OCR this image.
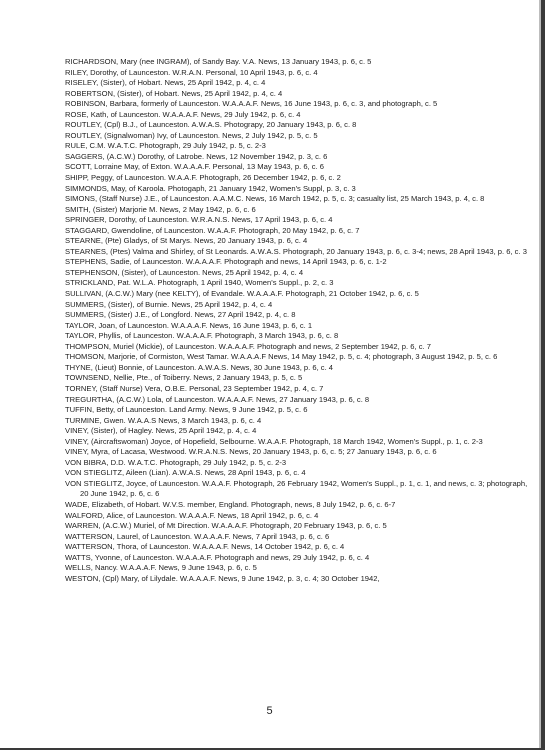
RICHARDSON, Mary (nee INGRAM), of Sandy Bay. V.A. News, 13 January 1943, p. 6, c. 5
RILEY, Dorothy, of Launceston. W.R.A.N. Personal, 10 April 1943, p. 6, c. 4
RISELEY, (Sister), of Hobart. News, 25 April 1942, p. 4, c. 4
ROBERTSON, (Sister), of Hobart. News, 25 April 1942, p. 4, c. 4
ROBINSON, Barbara, formerly of Launceston. W.A.A.A.F. News, 16 June 1943, p. 6, c. 3, and photograph, c. 5
ROSE, Kath, of Launceston. W.A.A.A.F. News, 29 July 1942, p. 6, c. 4
ROUTLEY, (Cpl) B.J., of Launceston. A.W.A.S. Photograpy, 20 January 1943, p. 6, c. 8
ROUTLEY, (Signalwoman) Ivy, of Launceston. News, 2 July 1942, p. 5, c. 5
RULE, C.M. W.A.T.C. Photograph, 29 July 1942, p. 5, c. 2-3
SAGGERS, (A.C.W.) Dorothy, of Latrobe. News, 12 November 1942, p. 3, c. 6
SCOTT, Lorraine May, of Exton. W.A.A.A.F. Personal, 13 May 1943, p. 6, c. 6
SHIPP, Peggy, of Launceston. W.A.A.F. Photograph, 26 December 1942, p. 6, c. 2
SIMMONDS, May, of Karoola. Photogaph, 21 January 1942, Women's Suppl, p. 3, c. 3
SIMONS, (Staff Nurse) J.E., of Launceston. A.A.M.C. News, 16 March 1942, p. 5, c. 3; casualty list, 25 March 1943, p. 4, c. 8
SMITH, (Sister) Marjorie M. News, 2 May 1942, p. 6, c. 6
SPRINGER, Dorothy, of Launceston. W.R.A.N.S. News, 17 April 1943, p. 6, c. 4
STAGGARD, Gwendoline, of Launceston. W.A.A.F. Photograph, 20 May 1942, p. 6, c. 7
STEARNE, (Pte) Gladys, of St Marys. News, 20 January 1943, p. 6, c. 4
STEARNES, (Ptes) Valma and Shirley, of St Leonards. A.W.A.S. Photograph, 20 January 1943, p. 6, c. 3-4; news, 28 April 1943, p. 6, c. 3
STEPHENS, Sadie, of Launceston. W.A.A.A.F. Photograph and news, 14 April 1943, p. 6, c. 1-2
STEPHENSON, (Sister), of Launceston. News, 25 April 1942, p. 4, c. 4
STRICKLAND, Pat. W.L.A. Photograph, 1 April 1940, Women's Suppl., p. 2, c. 3
SULLIVAN, (A.C.W.) Mary (nee KELTY), of Evandale. W.A.A.A.F. Photograph, 21 October 1942, p. 6, c. 5
SUMMERS, (Sister), of Burnie. News, 25 April 1942, p. 4, c. 4
SUMMERS, (Sister) J.E., of Longford. News, 27 April 1942, p. 4, c. 8
TAYLOR, Joan, of Launceston. W.A.A.A.F. News, 16 June 1943, p. 6, c. 1
TAYLOR, Phyllis, of Launceston. W.A.A.A.F. Photograph, 3 March 1943, p. 6, c. 8
THOMPSON, Muriel (Mickie), of Launceston. W.A.A.A.F. Photograph and news, 2 September 1942, p. 6, c. 7
THOMSON, Marjorie, of Cormiston, West Tamar. W.A.A.A.F News, 14 May 1942, p. 5, c. 4; photograph, 3 August 1942, p. 5, c. 6
THYNE, (Lieut) Bonnie, of Launceston. A.W.A.S. News, 30 June 1943, p. 6, c. 4
TOWNSEND, Nellie, Pte., of Toiberry. News, 2 January 1943, p. 5, c. 5
TORNEY, (Staff Nurse) Vera, O.B.E. Personal, 23 September 1942, p. 4, c. 7
TREGURTHA, (A.C.W.) Lola, of Launceston. W.A.A.A.F. News, 27 January 1943, p. 6, c. 8
TUFFIN, Betty, of Launceston. Land Army. News, 9 June 1942, p. 5, c. 6
TURMINE, Gwen. W.A.A.S News, 3 March 1943, p. 6, c. 4
VINEY, (Sister), of Hagley. News, 25 April 1942, p. 4, c. 4
VINEY, (Aircraftswoman) Joyce, of Hopefield, Selbourne. W.A.A.F. Photograph, 18 March 1942, Women's Suppl., p. 1, c. 2-3
VINEY, Myra, of Lacasa, Westwood. W.R.A.N.S. News, 20 January 1943, p. 6, c. 5; 27 January 1943, p. 6, c. 6
VON BIBRA, D.D. W.A.T.C. Photograph, 29 July 1942, p. 5, c. 2-3
VON STIEGLITZ, Aileen (Lian). A.W.A.S. News, 28 April 1943, p. 6, c. 4
VON STIEGLITZ, Joyce, of Launceston. W.A.A.F. Photograph, 26 February 1942, Women's Suppl., p. 1, c. 1, and news, c. 3; photograph, 20 June 1942, p. 6, c. 6
WADE, Elizabeth, of Hobart. W.V.S. member, England. Photograph, news, 8 July 1942, p. 6, c. 6-7
WALFORD, Alice, of Launceston. W.A.A.A.F. News, 18 April 1942, p. 6, c. 4
WARREN, (A.C.W.) Muriel, of Mt Direction. W.A.A.A.F. Photograph, 20 February 1943, p. 6, c. 5
WATTERSON, Laurel, of Launceston. W.A.A.A.F. News, 7 April 1943, p. 6, c. 6
WATTERSON, Thora, of Launceston. W.A.A.A.F. News, 14 October 1942, p. 6, c. 4
WATTS, Yvonne, of Launceston. W.A.A.A.F. Photograph and news, 29 July 1942, p. 6, c. 4
WELLS, Nancy. W.A.A.A.F. News, 9 June 1943, p. 6, c. 5
WESTON, (Cpl) Mary, of Lilydale. W.A.A.A.F. News, 9 June 1942, p. 3, c. 4; 30 October 1942,
5
